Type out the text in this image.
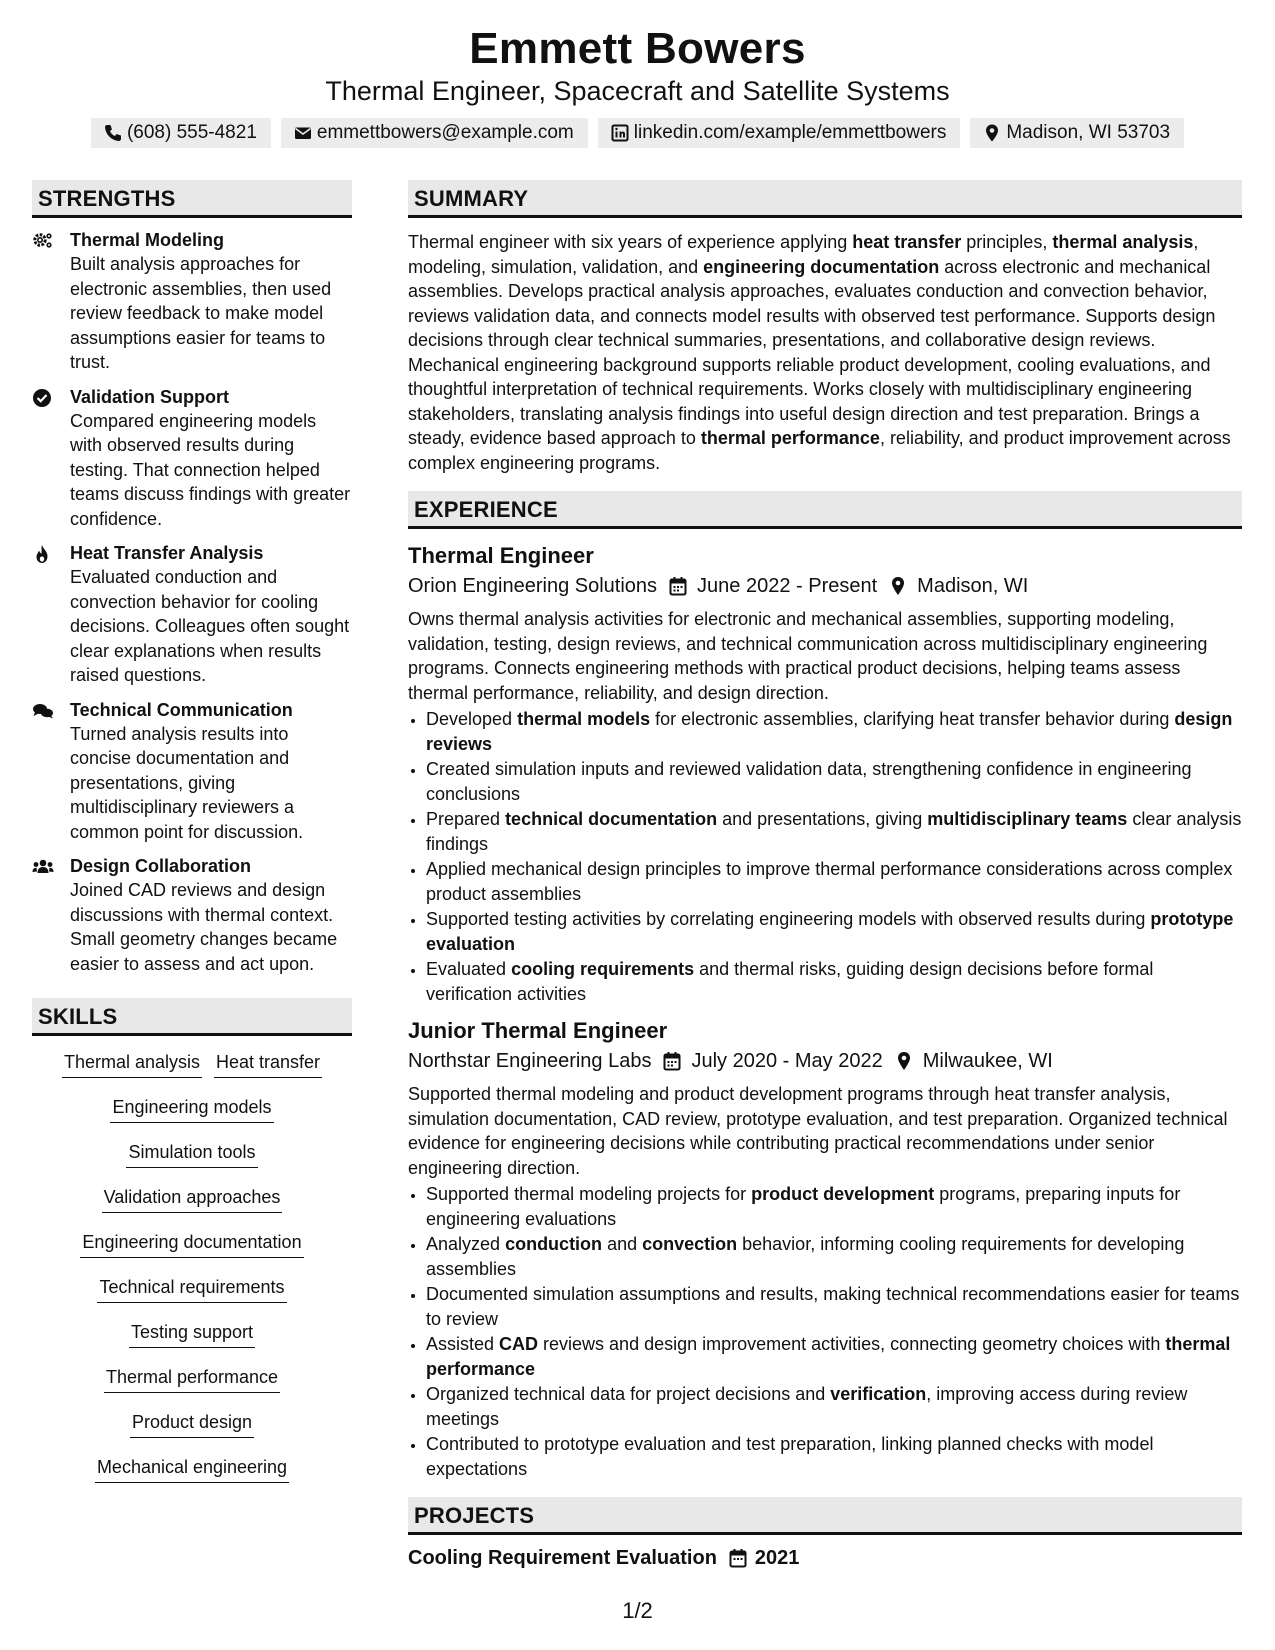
Emmett Bowers
Thermal Engineer, Spacecraft and Satellite Systems
(608) 555-4821	emmettbowers@example.com	linkedin.com/example/emmettbowers	Madison, WI 53703
STRENGTHS
Thermal Modeling
Built analysis approaches for electronic assemblies, then used review feedback to make model assumptions easier for teams to trust.
Validation Support
Compared engineering models with observed results during testing. That connection helped teams discuss findings with greater confidence.
Heat Transfer Analysis
Evaluated conduction and convection behavior for cooling decisions. Colleagues often sought clear explanations when results raised questions.
Technical Communication
Turned analysis results into concise documentation and presentations, giving multidisciplinary reviewers a common point for discussion.
Design Collaboration
Joined CAD reviews and design discussions with thermal context. Small geometry changes became easier to assess and act upon.
SKILLS
Thermal analysis Heat transfer
Engineering models
Simulation tools
Validation approaches
Engineering documentation
Technical requirements
Testing support
Thermal performance
Product design
Mechanical engineering
SUMMARY

Thermal engineer with six years of experience applying heat transfer principles, thermal analysis, modeling, simulation, validation, and engineering documentation across electronic and mechanical assemblies. Develops practical analysis approaches, evaluates conduction and convection behavior, reviews validation data, and connects model results with observed test performance. Supports design decisions through clear technical summaries, presentations, and collaborative design reviews. Mechanical engineering background supports reliable product development, cooling evaluations, and thoughtful interpretation of technical requirements. Works closely with multidisciplinary engineering stakeholders, translating analysis findings into useful design direction and test preparation. Brings a steady, evidence based approach to thermal performance, reliability, and product improvement across complex engineering programs.

EXPERIENCE
Thermal Engineer
Orion Engineering Solutions June 2022 - Present Madison, WI

Owns thermal analysis activities for electronic and mechanical assemblies, supporting modeling, validation, testing, design reviews, and technical communication across multidisciplinary engineering programs. Connects engineering methods with practical product decisions, helping teams assess thermal performance, reliability, and design direction.

• Developed thermal models for electronic assemblies, clarifying heat transfer behavior during design reviews
• Created simulation inputs and reviewed validation data, strengthening confidence in engineering conclusions
• Prepared technical documentation and presentations, giving multidisciplinary teams clear analysis findings
• Applied mechanical design principles to improve thermal performance considerations across complex product assemblies
• Supported testing activities by correlating engineering models with observed results during prototype evaluation
• Evaluated cooling requirements and thermal risks, guiding design decisions before formal verification activities
Junior Thermal Engineer
Northstar Engineering Labs July 2020 - May 2022 Milwaukee, WI

Supported thermal modeling and product development programs through heat transfer analysis, simulation documentation, CAD review, prototype evaluation, and test preparation. Organized technical evidence for engineering decisions while contributing practical recommendations under senior engineering direction.

• Supported thermal modeling projects for product development programs, preparing inputs for engineering evaluations
• Analyzed conduction and convection behavior, informing cooling requirements for developing assemblies
• Documented simulation assumptions and results, making technical recommendations easier for teams to review
• Assisted CAD reviews and design improvement activities, connecting geometry choices with thermal performance
• Organized technical data for project decisions and verification, improving access during review meetings
• Contributed to prototype evaluation and test preparation, linking planned checks with model expectations
PROJECTS
Cooling Requirement Evaluation 2021
1/2
